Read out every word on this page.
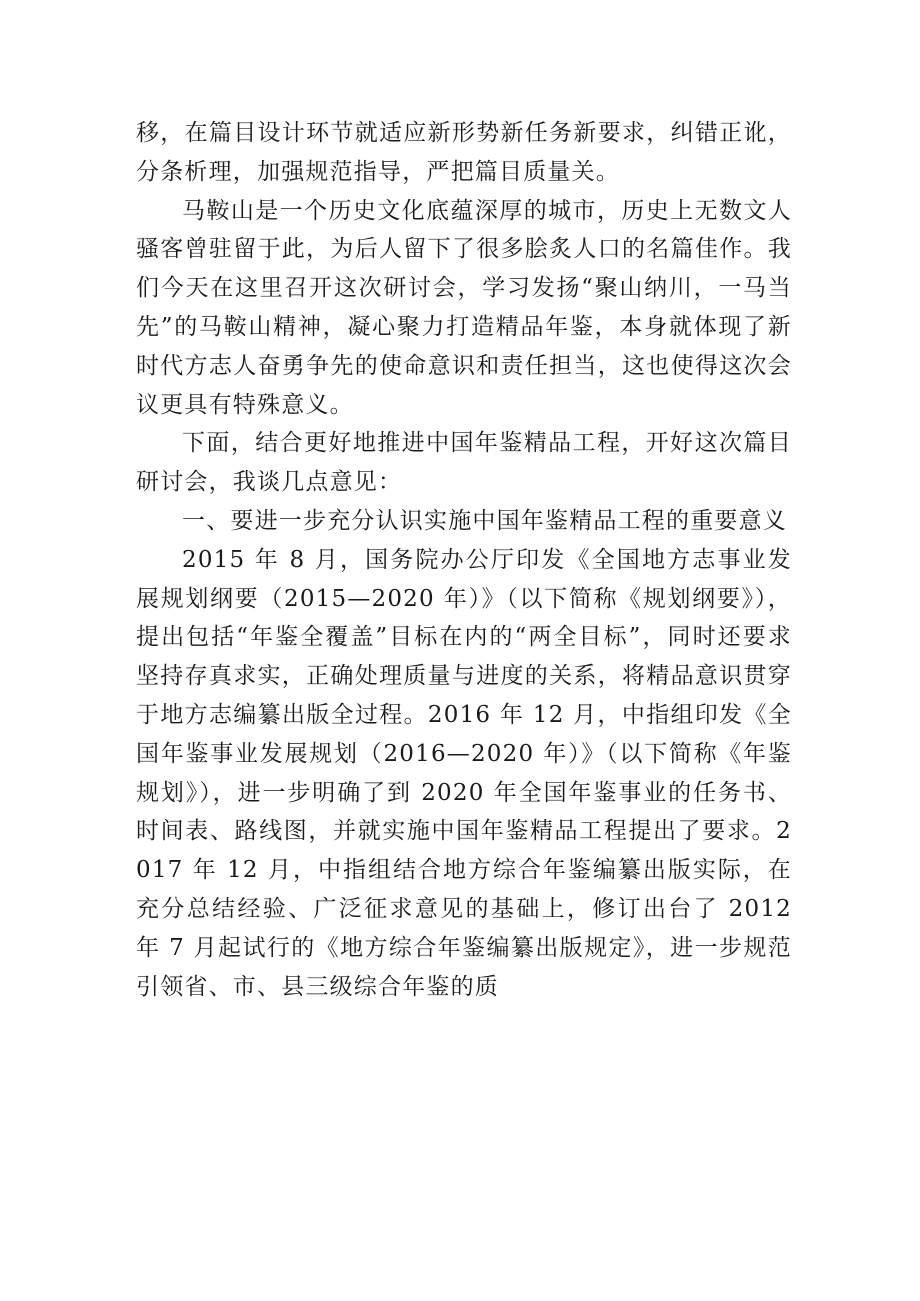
移，在篇目设计环节就适应新形势新任务新要求，纠错正讹，分条析理，加强规范指导，严把篇目质量关。

马鞍山是一个历史文化底蕴深厚的城市，历史上无数文人骚客曾驻留于此，为后人留下了很多脍炙人口的名篇佳作。我们今天在这里召开这次研讨会，学习发扬“聚山纳川，一马当先”的马鞍山精神，凝心聚力打造精品年鉴，本身就体现了新时代方志人奋勇争先的使命意识和责任担当，这也使得这次会议更具有特殊意义。

下面，结合更好地推进中国年鉴精品工程，开好这次篇目研讨会，我谈几点意见：

一、要进一步充分认识实施中国年鉴精品工程的重要意义

2015 年 8 月，国务院办公厅印发《全国地方志事业发展规划纲要（2015—2020 年）》（以下简称《规划纲要》），提出包括“年鉴全覆盖”目标在内的“两全目标”，同时还要求坚持存真求实，正确处理质量与进度的关系，将精品意识贯穿于地方志编纂出版全过程。2016 年 12 月，中指组印发《全国年鉴事业发展规划（2016—2020 年）》（以下简称《年鉴规划》），进一步明确了到 2020 年全国年鉴事业的任务书、时间表、路线图，并就实施中国年鉴精品工程提出了要求。2017 年 12 月，中指组结合地方综合年鉴编纂出版实际，在充分总结经验、广泛征求意见的基础上，修订出台了 2012 年 7 月起试行的《地方综合年鉴编纂出版规定》，进一步规范引领省、市、县三级综合年鉴的质
